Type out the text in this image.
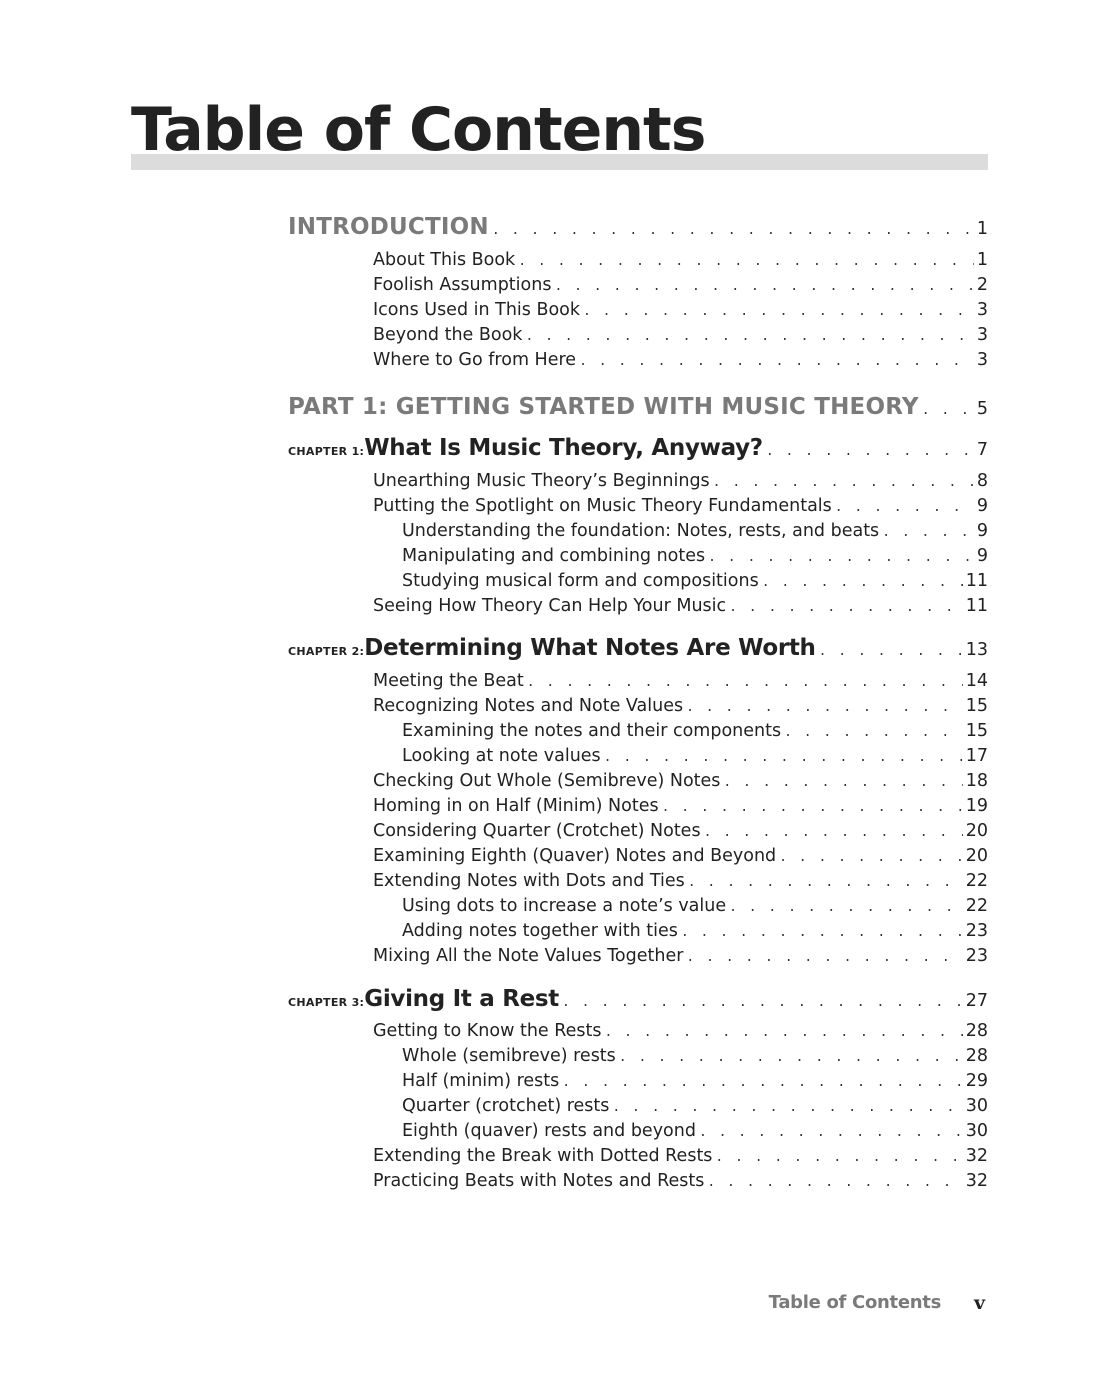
Table of Contents
INTRODUCTION . . .	1
About This Book . . .	1
Foolish Assumptions . . .	2
Icons Used in This Book . . .	3
Beyond the Book . . .	3
Where to Go from Here . . .	3
PART 1: GETTING STARTED WITH MUSIC THEORY . . .	5
CHAPTER 1: What Is Music Theory, Anyway? . . .	7
Unearthing Music Theory’s Beginnings . . .	8
Putting the Spotlight on Music Theory Fundamentals . . .	9
Understanding the foundation: Notes, rests, and beats . . .	9
Manipulating and combining notes . . .	9
Studying musical form and compositions . . .	11
Seeing How Theory Can Help Your Music . . .	11
CHAPTER 2: Determining What Notes Are Worth . . .	13
Meeting the Beat . . .	14
Recognizing Notes and Note Values . . .	15
Examining the notes and their components . . .	15
Looking at note values . . .	17
Checking Out Whole (Semibreve) Notes . . .	18
Homing in on Half (Minim) Notes . . .	19
Considering Quarter (Crotchet) Notes . . .	20
Examining Eighth (Quaver) Notes and Beyond . . .	20
Extending Notes with Dots and Ties . . .	22
Using dots to increase a note’s value . . .	22
Adding notes together with ties . . .	23
Mixing All the Note Values Together . . .	23
CHAPTER 3: Giving It a Rest . . .	27
Getting to Know the Rests . . .	28
Whole (semibreve) rests . . .	28
Half (minim) rests . . .	29
Quarter (crotchet) rests . . .	30
Eighth (quaver) rests and beyond . . .	30
Extending the Break with Dotted Rests . . .	32
Practicing Beats with Notes and Rests . . .	32
Table of Contents v
